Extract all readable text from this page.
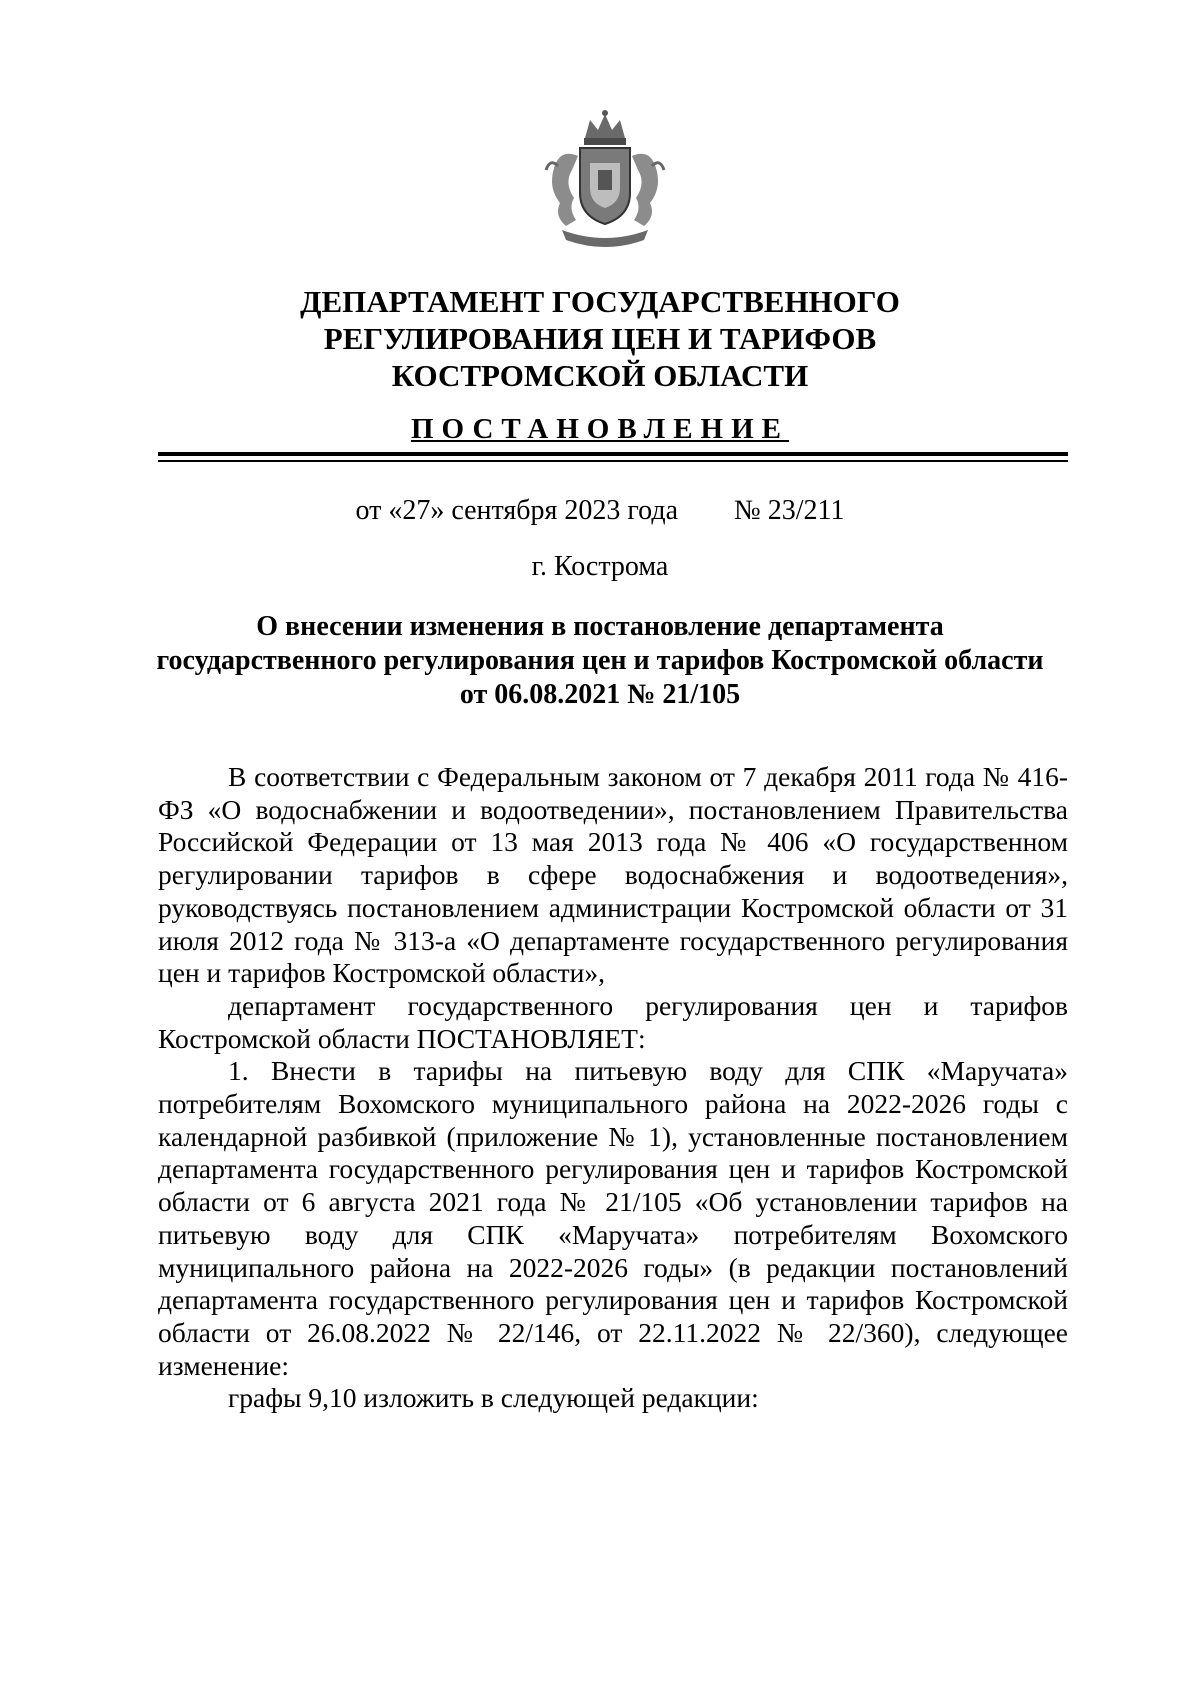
ДЕПАРТАМЕНТ ГОСУДАРСТВЕННОГО
РЕГУЛИРОВАНИЯ ЦЕН И ТАРИФОВ
КОСТРОМСКОЙ ОБЛАСТИ
ПОСТАНОВЛЕНИЕ
от «27» сентября 2023 года № 23/211
г. Кострома
О внесении изменения в постановление департамента
государственного регулирования цен и тарифов Костромской области
от 06.08.2021 № 21/105

В соответствии с Федеральным законом от 7 декабря 2011 года № 416-ФЗ «О водоснабжении и водоотведении», постановлением Правительства Российской Федерации от 13 мая 2013 года № 406 «О государственном регулировании тарифов в сфере водоснабжения и водоотведения», руководствуясь постановлением администрации Костромской области от 31 июля 2012 года № 313-а «О департаменте государственного регулирования цен и тарифов Костромской области»,

департамент государственного регулирования цен и тарифов Костромской области ПОСТАНОВЛЯЕТ:

1. Внести в тарифы на питьевую воду для СПК «Маручата» потребителям Вохомского муниципального района на 2022-2026 годы с календарной разбивкой (приложение № 1), установленные постановлением департамента государственного регулирования цен и тарифов Костромской области от 6 августа 2021 года № 21/105 «Об установлении тарифов на питьевую воду для СПК «Маручата» потребителям Вохомского муниципального района на 2022-2026 годы» (в редакции постановлений департамента государственного регулирования цен и тарифов Костромской области от 26.08.2022 № 22/146, от 22.11.2022 № 22/360), следующее изменение:

графы 9,10 изложить в следующей редакции:
